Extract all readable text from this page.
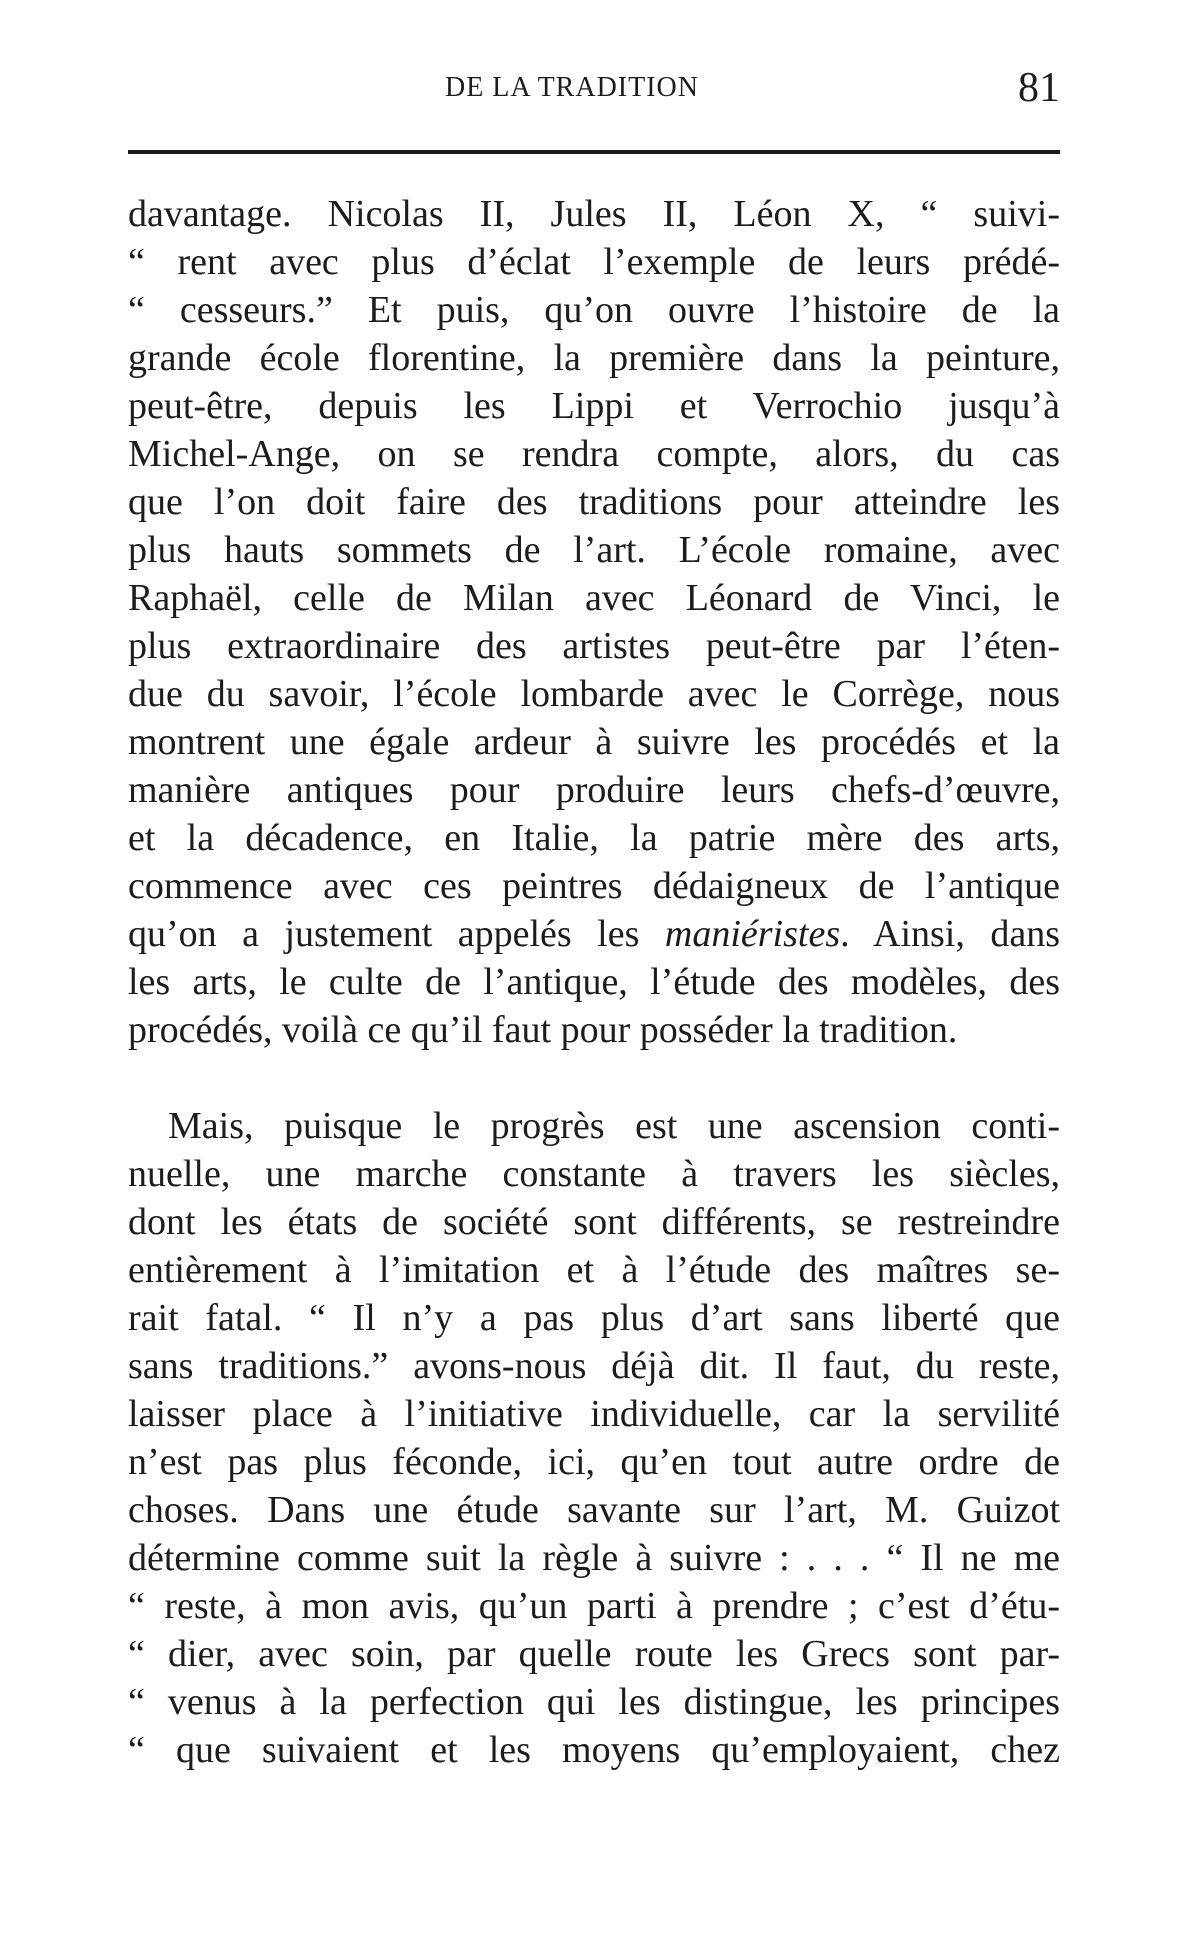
DE LA TRADITION	81
davantage. Nicolas II, Jules II, Léon X, “ suivi-
“ rent avec plus d’éclat l’exemple de leurs prédé-
“ cesseurs.” Et puis, qu’on ouvre l’histoire de la
grande école florentine, la première dans la peinture,
peut-être, depuis les Lippi et Verrochio jusqu’à
Michel-Ange, on se rendra compte, alors, du cas
que l’on doit faire des traditions pour atteindre les
plus hauts sommets de l’art. L’école romaine, avec
Raphaël, celle de Milan avec Léonard de Vinci, le
plus extraordinaire des artistes peut-être par l’éten-
due du savoir, l’école lombarde avec le Corrège, nous
montrent une égale ardeur à suivre les procédés et la
manière antiques pour produire leurs chefs-d’œuvre,
et la décadence, en Italie, la patrie mère des arts,
commence avec ces peintres dédaigneux de l’antique
qu’on a justement appelés les maniéristes. Ainsi, dans
les arts, le culte de l’antique, l’étude des modèles, des
procédés, voilà ce qu’il faut pour posséder la tradition.
Mais, puisque le progrès est une ascension conti-
nuelle, une marche constante à travers les siècles,
dont les états de société sont différents, se restreindre
entièrement à l’imitation et à l’étude des maîtres se-
rait fatal. “ Il n’y a pas plus d’art sans liberté que
sans traditions.” avons-nous déjà dit. Il faut, du reste,
laisser place à l’initiative individuelle, car la servilité
n’est pas plus féconde, ici, qu’en tout autre ordre de
choses. Dans une étude savante sur l’art, M. Guizot
détermine comme suit la règle à suivre : . . . “ Il ne me
“ reste, à mon avis, qu’un parti à prendre ; c’est d’étu-
“ dier, avec soin, par quelle route les Grecs sont par-
“ venus à la perfection qui les distingue, les principes
“ que suivaient et les moyens qu’employaient, chez
